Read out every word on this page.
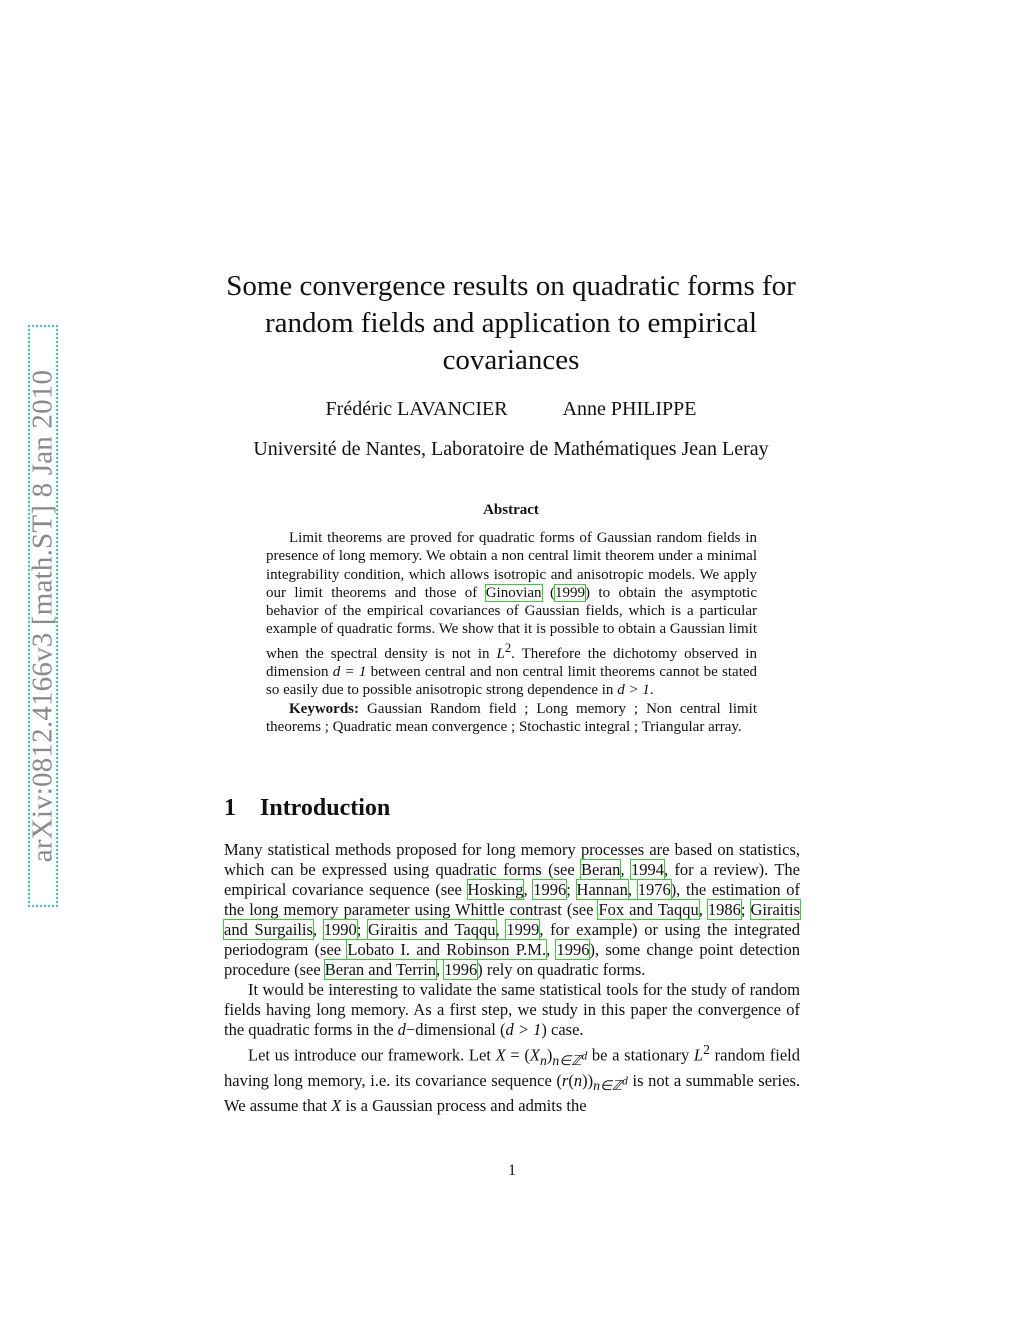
arXiv:0812.4166v3 [math.ST] 8 Jan 2010
Some convergence results on quadratic forms for random fields and application to empirical covariances
Frédéric LAVANCIER	Anne PHILIPPE
Université de Nantes, Laboratoire de Mathématiques Jean Leray
Abstract

Limit theorems are proved for quadratic forms of Gaussian random fields in presence of long memory. We obtain a non central limit theorem under a minimal integrability condition, which allows isotropic and anisotropic models. We apply our limit theorems and those of Ginovian (1999) to obtain the asymptotic behavior of the empirical covariances of Gaussian fields, which is a particular example of quadratic forms. We show that it is possible to obtain a Gaussian limit when the spectral density is not in $L^2$. Therefore the dichotomy observed in dimension d = 1 between central and non central limit theorems cannot be stated so easily due to possible anisotropic strong dependence in d > 1.

Keywords: Gaussian Random field ; Long memory ; Non central limit theorems ; Quadratic mean convergence ; Stochastic integral ; Triangular array.

1 Introduction

Many statistical methods proposed for long memory processes are based on statistics, which can be expressed using quadratic forms (see Beran, 1994, for a review). The empirical covariance sequence (see Hosking, 1996; Hannan, 1976), the estimation of the long memory parameter using Whittle contrast (see Fox and Taqqu, 1986; Giraitis and Surgailis, 1990; Giraitis and Taqqu, 1999, for example) or using the integrated periodogram (see Lobato I. and Robinson P.M., 1996), some change point detection procedure (see Beran and Terrin, 1996) rely on quadratic forms.

It would be interesting to validate the same statistical tools for the study of random fields having long memory. As a first step, we study in this paper the convergence of the quadratic forms in the d−dimensional (d > 1) case.

Let us introduce our framework. Let $X = (X_n)_{n\in ℤ^d}$ be a stationary $L^2$ random field having long memory, i.e. its covariance sequence $(r(n))_{n\in ℤ^d}$ is not a summable series. We assume that X is a Gaussian process and admits the

1
